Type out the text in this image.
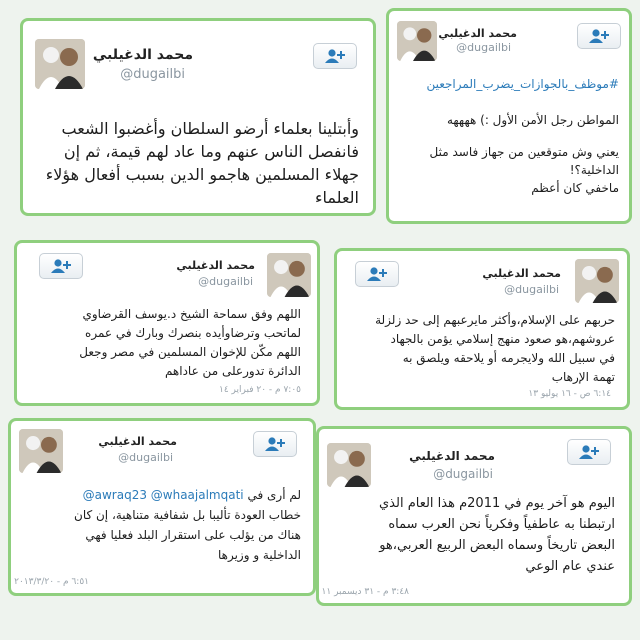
محمد الدغيلبي
@dugailbi

وأبتلينا بعلماء أرضو السلطان وأغضبوا الشعب

فانفصل الناس عنهم وما عاد لهم قيمة، ثم إن

جهلاء المسلمين هاجمو الدين بسبب أفعال هؤلاء

العلماء

محمد الدغيلبي
@dugailbi
#موظف_بالجوازات_يضرب_المراجعين

المواطن رجل الأمن الأول :) ههههه

يعني وش متوقعين من جهاز فاسد مثل

الداخلية؟!

ماخفي كان أعظم

محمد الدغيلبي
@dugailbi

اللهم وفق سماحة الشيخ د.يوسف القرضاوي

لماتحب وترضاوأيده بنصرك وبارك في عمره

اللهم مكّن للإخوان المسلمين في مصر وجعل

الدائرة تدورعلى من عاداهم

٧:٠٥ م - ٢٠ فبراير ١٤
محمد الدغيلبي
@dugailbi

حربهم على الإسلام،وأكثر مايرعبهم إلى حد زلزلة

عروشهم،هو صعود منهج إسلامي يؤمن بالجهاد

في سبيل الله ولايجرمه أو يلاحقه ويلصق به

تهمة الإرهاب

٦:١٤ ص - ١٦ يوليو ١٣
محمد الدغيلبي
@dugailbi

لم أرى في @awraq23 @whaajalmqati

خطاب العودة تأليبا بل شفافية متناهية، إن كان

هناك من يؤلب على استقرار البلد فعليا فهي

الداخلية و وزيرها

٦:٥١ م - ٢٠١٣/٣/٢٠
محمد الدغيلبي
@dugailbi

اليوم هو آخر يوم في 2011م هذا العام الذي

ارتبطنا به عاطفياً وفكرياً نحن العرب سماه

البعض تاريخاً وسماه البعض الربيع العربي،هو

عندي عام الوعي

٣:٤٨ م - ٣١ ديسمبر ١١
